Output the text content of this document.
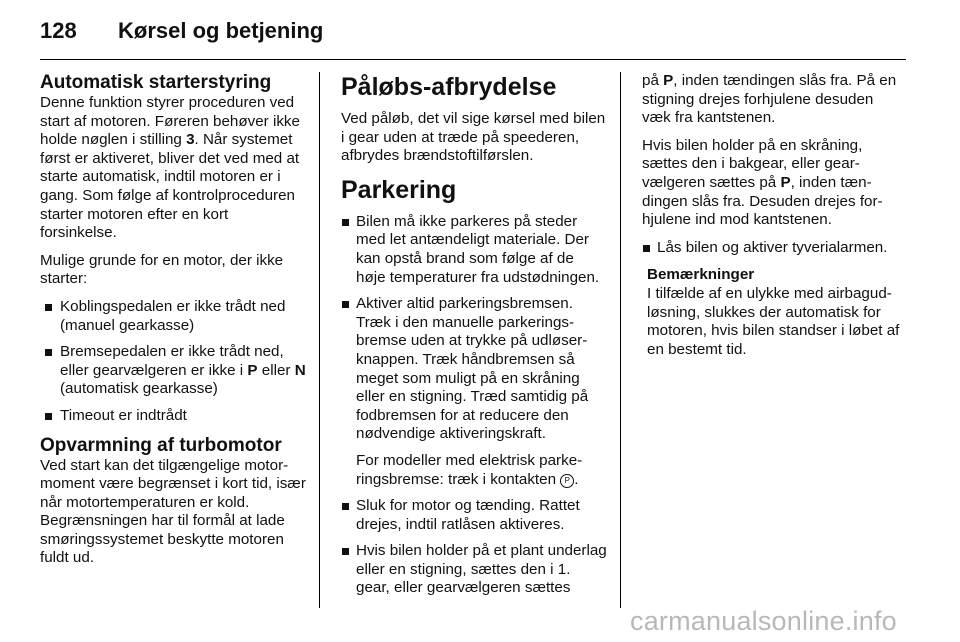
128 Kørsel og betjening
Automatisk starterstyring

Denne funktion styrer proceduren ved start af motoren. Føreren behøver ikke holde nøglen i stilling 3. Når systemet først er aktiveret, bliver det ved med at starte automatisk, indtil motoren er i gang. Som følge af kontrolproceduren starter motoren efter en kort forsinkelse.

Mulige grunde for en motor, der ikke starter:

Koblingspedalen er ikke trådt ned (manuel gearkasse)
Bremsepedalen er ikke trådt ned, eller gearvælgeren er ikke i P eller N (automatisk gearkasse)
Timeout er indtrådt
Opvarmning af turbomotor

Ved start kan det tilgængelige motormoment være begrænset i kort tid, især når motortemperaturen er kold. Begrænsningen har til formål at lade smøringssystemet beskytte motoren fuldt ud.

Påløbs-afbrydelse

Ved påløb, det vil sige kørsel med bilen i gear uden at træde på speederen, afbrydes brændstoftilførslen.

Parkering
Bilen må ikke parkeres på steder med let antændeligt materiale. Der kan opstå brand som følge af de høje temperaturer fra udstødningen.
Aktiver altid parkeringsbremsen. Træk i den manuelle parkeringsbremse uden at trykke på udløserknappen. Træk håndbremsen så meget som muligt på en skråning eller en stigning. Træd samtidig på fodbremsen for at reducere den nødvendige aktiveringskraft.

For modeller med elektrisk parkeringsbremse: træk i kontakten P .

Sluk for motor og tænding. Rattet drejes, indtil ratlåsen aktiveres.
Hvis bilen holder på et plant underlag eller en stigning, sættes den i 1. gear, eller gearvælgeren sættes

på P, inden tændingen slås fra. På en stigning drejes forhjulene desuden væk fra kantstenen.

Hvis bilen holder på en skråning, sættes den i bakgear, eller gearvælgeren sættes på P, inden tændingen slås fra. Desuden drejes forhjulene ind mod kantstenen.

Lås bilen og aktiver tyverialarmen.
Bemærkninger
I tilfælde af en ulykke med airbagudløsning, slukkes der automatisk for motoren, hvis bilen standser i løbet af en bestemt tid.
carmanualsonline.info
